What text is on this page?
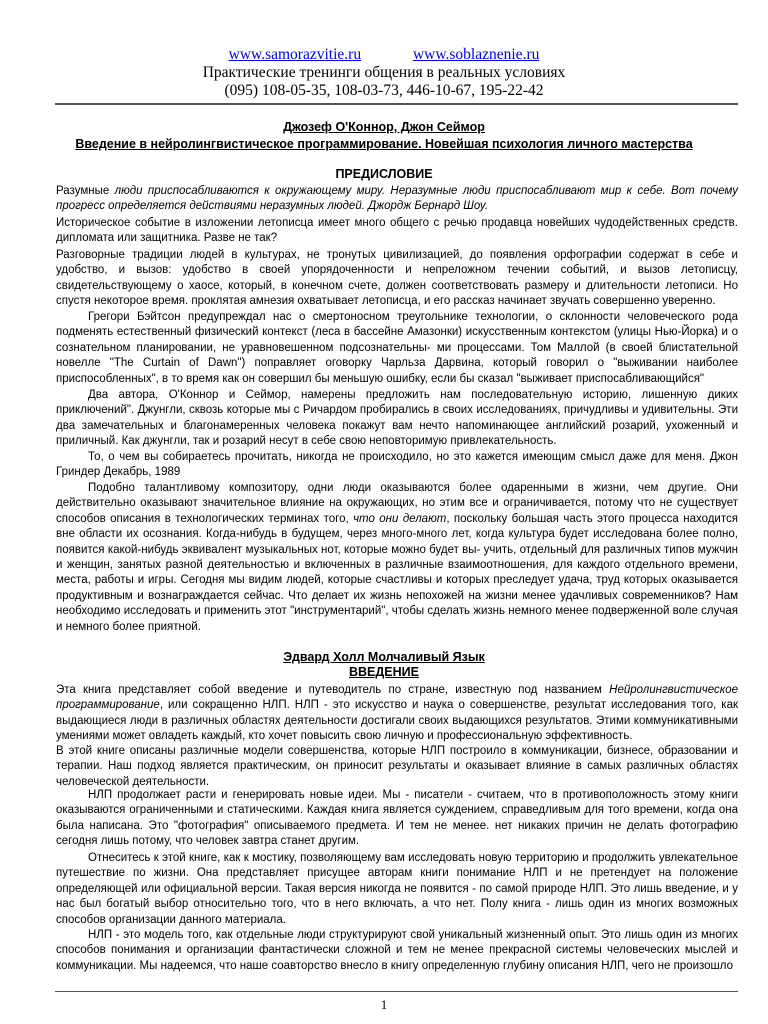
www.samorazvitie.ru	www.soblaznenie.ru
Практические тренинги общения в реальных условиях
(095) 108-05-35, 108-03-73, 446-10-67, 195-22-42
Джозеф О'Коннор, Джон Сеймор
Введение в нейролингвистическое программирование. Новейшая психология личного мастерства
ПРЕДИСЛОВИЕ
Разумные люди приспосабливаются к окружающему миру. Неразумные люди приспосабливают мир к себе. Вот почему прогресс определяется действиями неразумных людей. Джордж Бернард Шоу.
Историческое событие в изложении летописца имеет много общего с речью продавца новейших чудодейственных средств. дипломата или защитника. Разве не так?
Разговорные традиции людей в культурах, не тронутых цивилизацией, до появления орфографии содержат в себе и удобство, и вызов: удобство в своей упорядоченности и непреложном течении событий, и вызов летописцу, свидетельствующему о хаосе, который, в конечном счете, должен соответствовать размеру и длительности летописи. Но спустя некоторое время. проклятая амнезия охватывает летописца, и его рассказ начинает звучать совершенно уверенно.
Грегори Бэйтсон предупреждал нас о смертоносном треугольнике технологии, о склонности человеческого рода подменять естественный физический контекст (леса в бассейне Амазонки) искусственным контекстом (улицы Нью-Йорка) и о сознательном планировании, не уравновешенном подсознательны- ми процессами. Том Маллой (в своей блистательной новелле "The Curtain of Dawn") поправляет оговорку Чарльза Дарвина, который говорил о "выживании наиболее приспособленных", в то время как он совершил бы меньшую ошибку, если бы сказал "выживает приспосабливающийся"
Два автора, О'Коннор и Сеймор, намерены предложить нам последовательную историю, лишенную диких приключений". Джунгли, сквозь которые мы с Ричардом пробирались в своих исследованиях, причудливы и удивительны. Эти два замечательных и благонамеренных человека покажут вам нечто напоминающее английский розарий, ухоженный и приличный. Как джунгли, так и розарий несут в себе свою неповторимую привлекательность.
То, о чем вы собираетесь прочитать, никогда не происходило, но это кажется имеющим смысл даже для меня. Джон Гриндер Декабрь, 1989
Подобно талантливому композитору, одни люди оказываются более одаренными в жизни, чем другие. Они действительно оказывают значительное влияние на окружающих, но этим все и ограничивается, потому что не существует способов описания в технологических терминах того, что они делают, поскольку большая часть этого процесса находится вне области их осознания. Когда-нибудь в будущем, через много-много лет, когда культура будет исследована более полно, появится какой-нибудь эквивалент музыкальных нот, которые можно будет вы- учить, отдельный для различных типов мужчин и женщин, занятых разной деятельностью и включенных в различные взаимоотношения, для каждого отдельного времени, места, работы и игры. Сегодня мы видим людей, которые счастливы и которых преследует удача, труд которых оказывается продуктивным и вознаграждается сейчас. Что делает их жизнь непохожей на жизни менее удачливых современников? Нам необходимо исследовать и применить этот "инструментарий", чтобы сделать жизнь немного менее подверженной воле случая и немного более приятной.
Эдвард Холл Молчаливый Язык
ВВЕДЕНИЕ
Эта книга представляет собой введение и путеводитель по стране, известную под названием Нейролингвистическое программирование, или сокращенно НЛП. НЛП - это искусство и наука о совершенстве, результат исследования того, как выдающиеся люди в различных областях деятельности достигали своих выдающихся результатов. Этими коммуникативными умениями может овладеть каждый, кто хочет повысить свою личную и профессиональную эффективность.
В этой книге описаны различные модели совершенства, которые НЛП построило в коммуникации, бизнесе, образовании и терапии. Наш подход является практическим, он приносит результаты и оказывает влияние в самых различных областях человеческой деятельности.
НЛП продолжает расти и генерировать новые идеи. Мы - писатели - считаем, что в противоположность этому книги оказываются ограниченными и статическими. Каждая книга является суждением, справедливым для того времени, когда она была написана. Это "фотография" описываемого предмета. И тем не менее. нет никаких причин не делать фотографию сегодня лишь потому, что человек завтра станет другим.
Отнеситесь к этой книге, как к мостику, позволяющему вам исследовать новую территорию и продолжить увлекательное путешествие по жизни. Она представляет присущее авторам книги понимание НЛП и не претендует на положение определяющей или официальной версии. Такая версия никогда не появится - по самой природе НЛП. Это лишь введение, и у нас был богатый выбор относительно того, что в него включать, а что нет. Полу книга - лишь один из многих возможных способов организации данного материала.
НЛП - это модель того, как отдельные люди структурируют свой уникальный жизненный опыт. Это лишь один из многих способов понимания и организации фантастически сложной и тем не менее прекрасной системы человеческих мыслей и коммуникации. Мы надеемся, что наше соавторство внесло в книгу определенную глубину описания НЛП, чего не произошло
1
